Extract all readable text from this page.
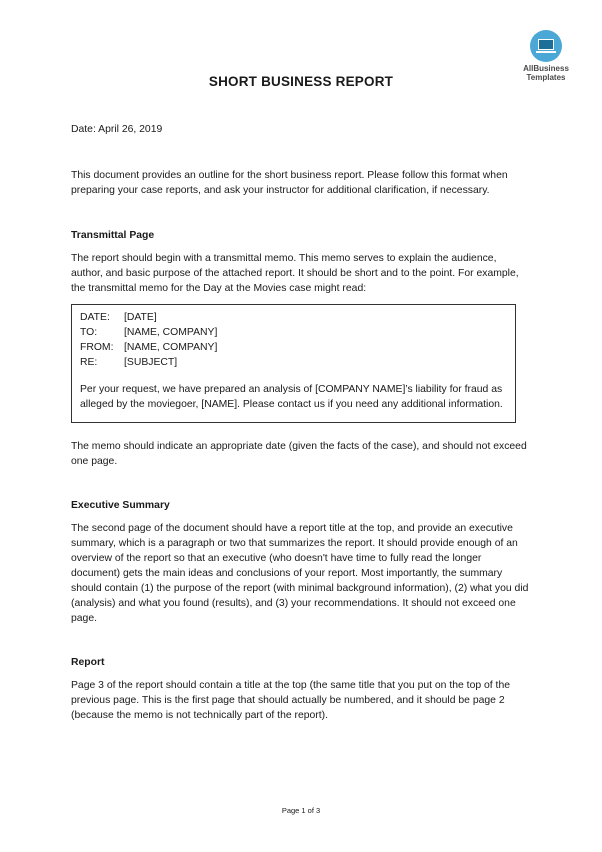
AllBusiness
Templates
SHORT BUSINESS REPORT
Date: April 26, 2019
This document provides an outline for the short business report. Please follow this format when preparing your case reports, and ask your instructor for additional clarification, if necessary.
Transmittal Page
The report should begin with a transmittal memo. This memo serves to explain the audience, author, and basic purpose of the attached report. It should be short and to the point. For example, the transmittal memo for the Day at the Movies case might read:
DATE: [DATE]
TO:	[NAME, COMPANY]
FROM: [NAME, COMPANY]
RE:	[SUBJECT]
Per your request, we have prepared an analysis of [COMPANY NAME]’s liability for fraud as alleged by the moviegoer, [NAME]. Please contact us if you need any additional information.
The memo should indicate an appropriate date (given the facts of the case), and should not exceed one page.
Executive Summary
The second page of the document should have a report title at the top, and provide an executive summary, which is a paragraph or two that summarizes the report. It should provide enough of an overview of the report so that an executive (who doesn't have time to fully read the longer document) gets the main ideas and conclusions of your report. Most importantly, the summary should contain (1) the purpose of the report (with minimal background information), (2) what you did (analysis) and what you found (results), and (3) your recommendations. It should not exceed one page.
Report
Page 3 of the report should contain a title at the top (the same title that you put on the top of the previous page. This is the first page that should actually be numbered, and it should be page 2 (because the memo is not technically part of the report).
Page 1 of 3
